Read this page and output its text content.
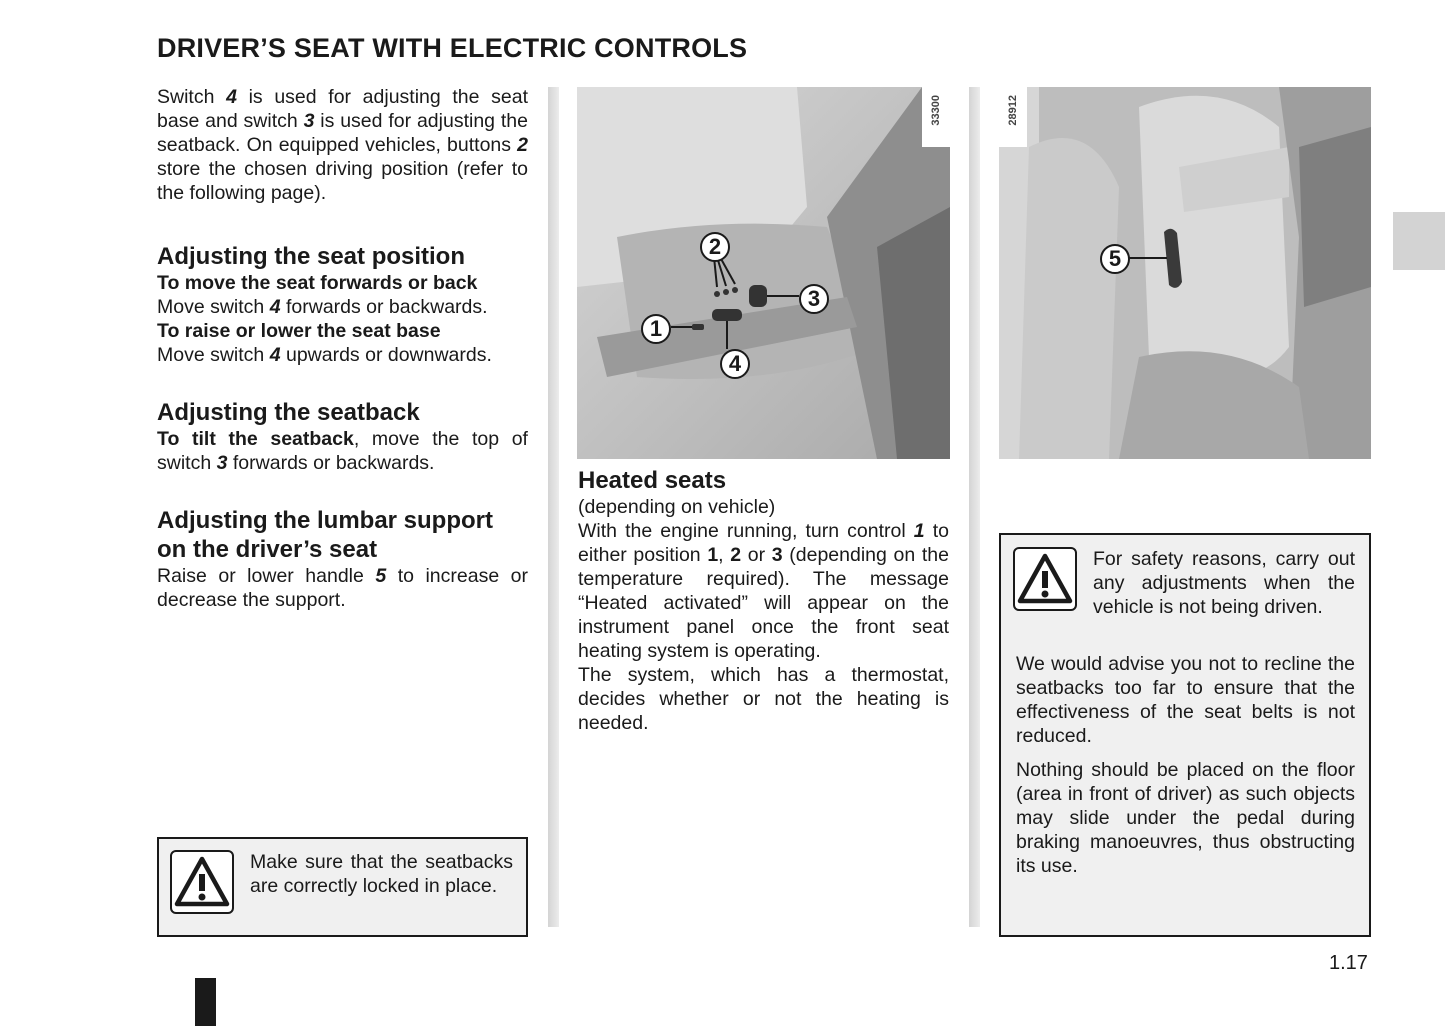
DRIVER’S SEAT WITH ELECTRIC CONTROLS

Switch 4 is used for adjusting the seat base and switch 3 is used for adjusting the seatback. On equipped vehicles, buttons 2 store the chosen driving position (refer to the following page).

Adjusting the seat position

To move the seat forwards or back

Move switch 4 forwards or backwards.

To raise or lower the seat base

Move switch 4 upwards or downwards.

Adjusting the seatback

To tilt the seatback, move the top of switch 3 forwards or backwards.

Adjusting the lumbar support on the driver’s seat

Raise or lower handle 5 to increase or decrease the support.

Make sure that the seatbacks are correctly locked in place.

33300
2
3
1
4
28912
5
Heated seats

(depending on vehicle)

With the engine running, turn control 1 to either position 1, 2 or 3 (depending on the temperature required). The message “Heated activated” will appear on the instrument panel once the front seat heating system is operating.

The system, which has a thermostat, decides whether or not the heating is needed.

For safety reasons, carry out any adjustments when the vehicle is not being driven.

We would advise you not to recline the seatbacks too far to ensure that the effectiveness of the seat belts is not reduced.

Nothing should be placed on the floor (area in front of driver) as such objects may slide under the pedal during braking manoeuvres, thus obstructing its use.

1.17
